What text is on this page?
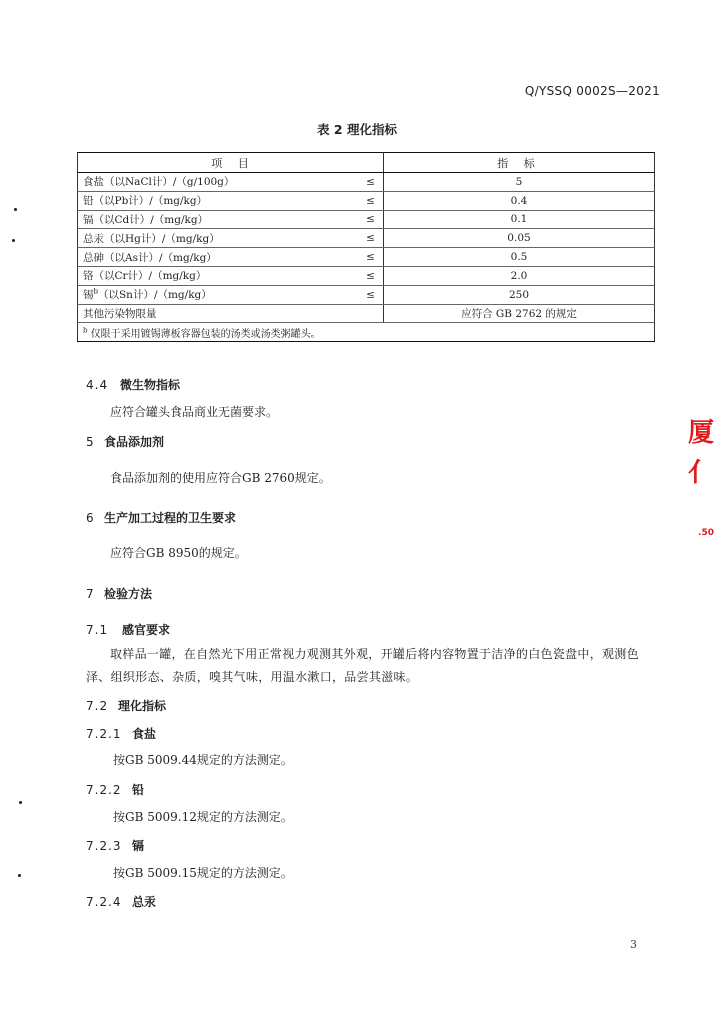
Q/YSSQ 0002S—2021
表 2 理化指标
项 目		指 标
食盐（以NaCl计）/（g/100g）	≤	5
铅（以Pb计）/（mg/kg）	≤	0.4
镉（以Cd计）/（mg/kg）	≤	0.1
总汞（以Hg计）/（mg/kg）	≤	0.05
总砷（以As计）/（mg/kg）	≤	0.5
铬（以Cr计）/（mg/kg）	≤	2.0
锡$^b$（以Sn计）/（mg/kg）	≤	250
其他污染物限量		应符合 GB 2762 的规定
$^b$ 仅限于采用镀锡薄板容器包装的汤类或汤类粥罐头。		
4.4 微生物指标
应符合罐头食品商业无菌要求。
5 食品添加剂
食品添加剂的使用应符合GB 2760规定。
6 生产加工过程的卫生要求
应符合GB 8950的规定。
7 检验方法
7.1 感官要求
取样品一罐，在自然光下用正常视力观测其外观，开罐后将内容物置于洁净的白色瓷盘中，观测色泽、组织形态、杂质，嗅其气味，用温水漱口，品尝其滋味。
7.2 理化指标
7.2.1 食盐
按GB 5009.44规定的方法测定。
7.2.2 铅
按GB 5009.12规定的方法测定。
7.2.3 镉
按GB 5009.15规定的方法测定。
7.2.4 总汞
3
厦
亻
.50
